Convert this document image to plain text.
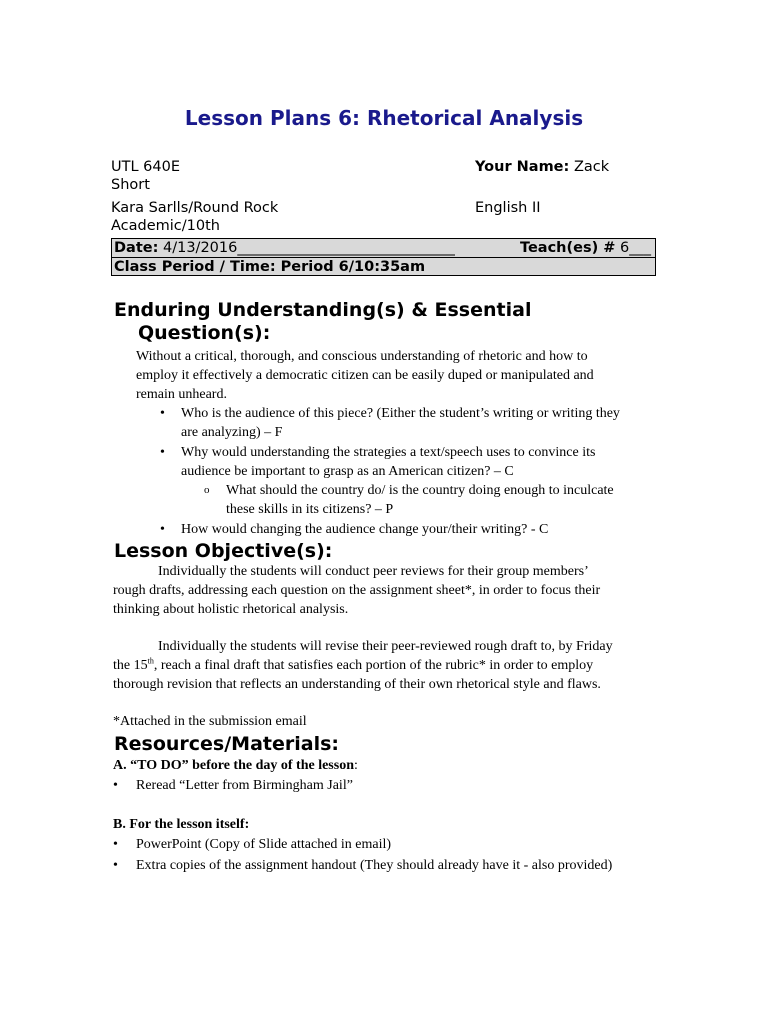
Lesson Plans 6: Rhetorical Analysis
UTL 640E
Short
Your Name: Zack
Kara Sarlls/Round Rock
Academic/10th
English II
Date: 4/13/2016______________________________	Teach(es) # 6___
Class Period / Time: Period 6/10:35am
Enduring Understanding(s) & Essential
Question(s):
Without a critical, thorough, and conscious understanding of rhetoric and how to
employ it effectively a democratic citizen can be easily duped or manipulated and
remain unheard.
• Who is the audience of this piece? (Either the student’s writing or writing they
are analyzing) – F
• Why would understanding the strategies a text/speech uses to convince its
audience be important to grasp as an American citizen? – C
o What should the country do/ is the country doing enough to inculcate
these skills in its citizens? – P
• How would changing the audience change your/their writing? - C
Lesson Objective(s):
Individually the students will conduct peer reviews for their group members’
rough drafts, addressing each question on the assignment sheet*, in order to focus their
thinking about holistic rhetorical analysis.
Individually the students will revise their peer-reviewed rough draft to, by Friday
the 15th, reach a final draft that satisfies each portion of the rubric* in order to employ
thorough revision that reflects an understanding of their own rhetorical style and flaws.
*Attached in the submission email
Resources/Materials:
A. “TO DO” before the day of the lesson:
• Reread “Letter from Birmingham Jail”
B. For the lesson itself:
• PowerPoint (Copy of Slide attached in email)
• Extra copies of the assignment handout (They should already have it - also provided)
